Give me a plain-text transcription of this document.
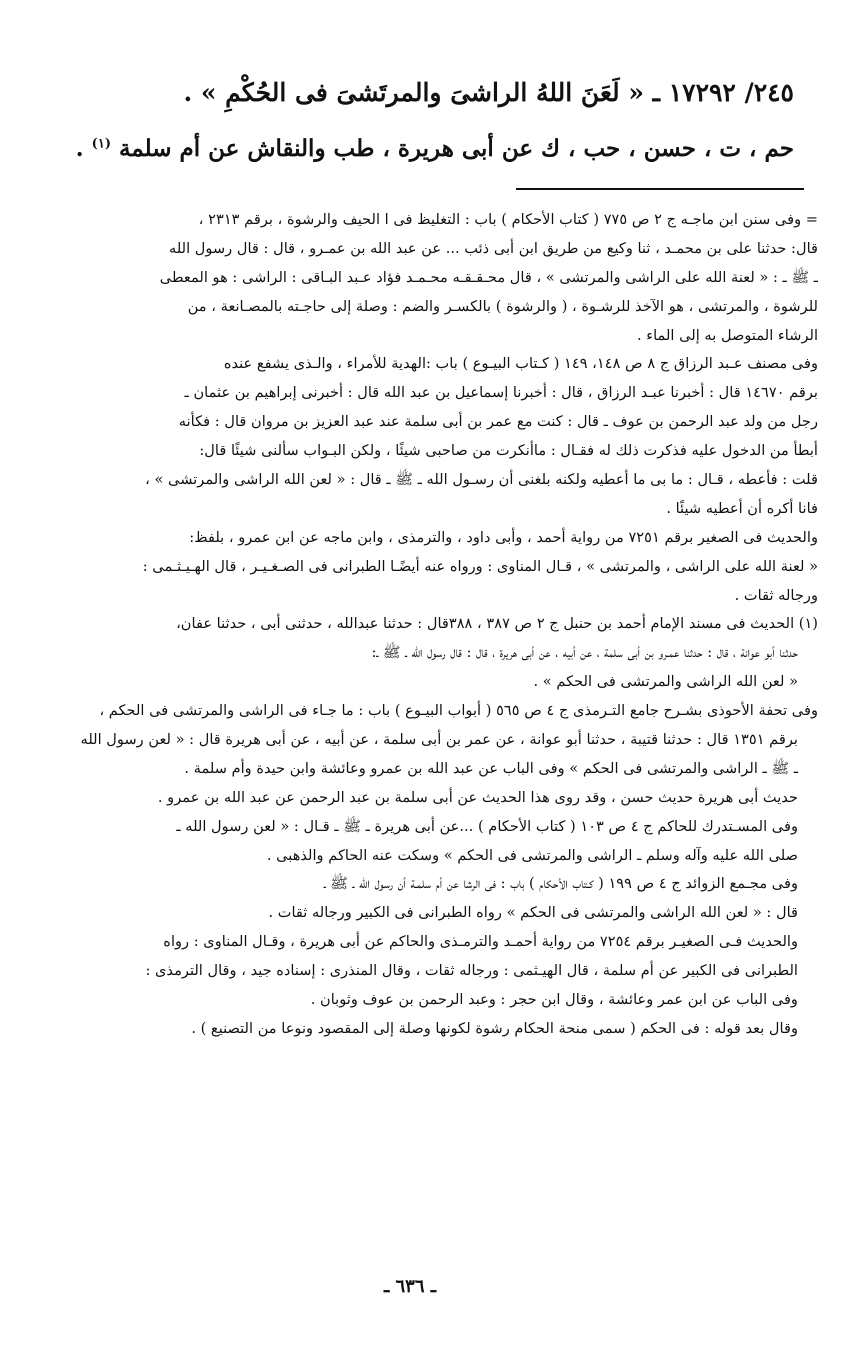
٢٤٥/ ١٧٢٩٢ ـ « لَعَنَ اللهُ الراشىَ والمرتَشىَ فى الحُكْمِ » .
حم ، ت ، حسن ، حب ، ك عن أبى هريرة ، طب والنقاش عن أم سلمة $^{(١)}$ .
= وفى سنن ابن ماجـه ج ٢ ص ٧٧٥ ( كتاب الأحكام ) باب : التغليظ فى ا الحيف والرشوة ، برقم ٢٣١٣ ،
قال: حدثنا على بن محمـد ، ثنا وكيع من طريق ابن أبى ذئب ... عن عبد الله بن عمـرو ، قال : قال رسول الله
ـ ﷺ ـ : « لعنة الله على الراشى والمرتشى » ، قال محـقـقـه محـمـد فؤاد عـبد البـاقى : الراشى : هو المعطى
للرشوة ، والمرتشى ، هو الآخذ للرشـوة ، ( والرشوة ) بالكسـر والضم : وصلة إلى حاجـته بالمصـانعة ، من
الرشاء المتوصل به إلى الماء .
وفى مصنف عـبد الرزاق ج ٨ ص ١٤٨، ١٤٩ ( كـتاب البيـوع ) باب :الهدية للأمراء ، والـذى يشفع عنده
برقم ١٤٦٧٠ قال : أخبرنا عبـد الرزاق ، قال : أخبرنا إسماعيل بن عبد الله قال : أخبرنى إبراهيم بن عثمان ـ
رجل من ولد عبد الرحمن بن عوف ـ قال : كنت مع عمر بن أبى سلمة عند عبد العزيز بن مروان قال : فكأنه
أبطأ من الدخول عليه فذكرت ذلك له فقـال : ماأنكرت من صاحبى شيئًا ، ولكن البـواب سألنى شيئًا قال:
قلت : فأعطه ، قـال : ما بى ما أعطيه ولكنه بلغنى أن رسـول الله ـ ﷺ ـ قال : « لعن الله الراشى والمرتشى » ،
فانا أكره أن أعطيه شيئًا .
والحديث فى الصغير برقم ٧٢٥١ من رواية أحمد ، وأبى داود ، والترمذى ، وابن ماجه عن ابن عمرو ، بلفظ:
« لعنة الله على الراشى ، والمرتشى » ، قـال المناوى : ورواه عنه أيضًـا الطبرانى فى الصـغـيـر ، قال الهـيـثـمى :
ورجاله ثقات .
(١) الحديث فى مسند الإمام أحمد بن حنبل ج ٢ ص ٣٨٧ ، ٣٨٨قال : حدثنا عبدالله ، حدثنى أبى ، حدثنا عفان،
حدثنا أبو عوانة ، قال : حدثنا عمـرو بن أبى سلمة ، عن أبيه ، عن أبى هريرة ، قال : قال رسول الله ـ ﷺ ـ:
« لعن الله الراشى والمرتشى فى الحكم » .
وفى تحفة الأحوذى بشـرح جامع التـرمذى ج ٤ ص ٥٦٥ ( أبواب البيـوع ) باب : ما جـاء فى الراشى والمرتشى فى الحكم ،
برقم ١٣٥١ قال : حدثنا قتيبة ، حدثنا أبو عوانة ، عن عمر بن أبى سلمة ، عن أبيه ، عن أبى هريرة قال : « لعن رسول الله
ـ ﷺ ـ الراشى والمرتشى فى الحكم » وفى الباب عن عبد الله بن عمرو وعائشة وابن حيدة وأم سلمة .
حديث أبى هريرة حديث حسن ، وقد روى هذا الحديث عن أبى سلمة بن عبد الرحمن عن عبد الله بن عمرو .
وفى المسـتدرك للحاكم ج ٤ ص ١٠٣ ( كتاب الأحكام ) ...عن أبى هريرة ـ ﷺ ـ قـال : « لعن رسول الله ـ
صلى الله عليه وآله وسلم ـ الراشى والمرتشى فى الحكم » وسكت عنه الحاكم والذهبى .
وفى مجـمع الزوائد ج ٤ ص ١٩٩ ( كـتاب الأحكام ) باب : فى الرشا عن أم سلمـة أن رسول الله ـ ﷺ ـ
قال : « لعن الله الراشى والمرتشى فى الحكم » رواه الطبرانى فى الكبير ورجاله ثقات .
والحديث فـى الصغيـر برقم ٧٢٥٤ من رواية أحمـد والترمـذى والحاكم عن أبى هريرة ، وقـال المناوى : رواه
الطبرانى فى الكبير عن أم سلمة ، قال الهيـثمى : ورجاله ثقات ، وقال المنذرى : إسناده جيد ، وقال الترمذى :
وفى الباب عن ابن عمر وعائشة ، وقال ابن حجر : وعبد الرحمن بن عوف وثوبان .
وقال بعد قوله : فى الحكم ( سمى منحة الحكام رشوة لكونها وصلة إلى المقصود ونوعا من التصنيع ) .
ـ ٦٣٦ ـ
